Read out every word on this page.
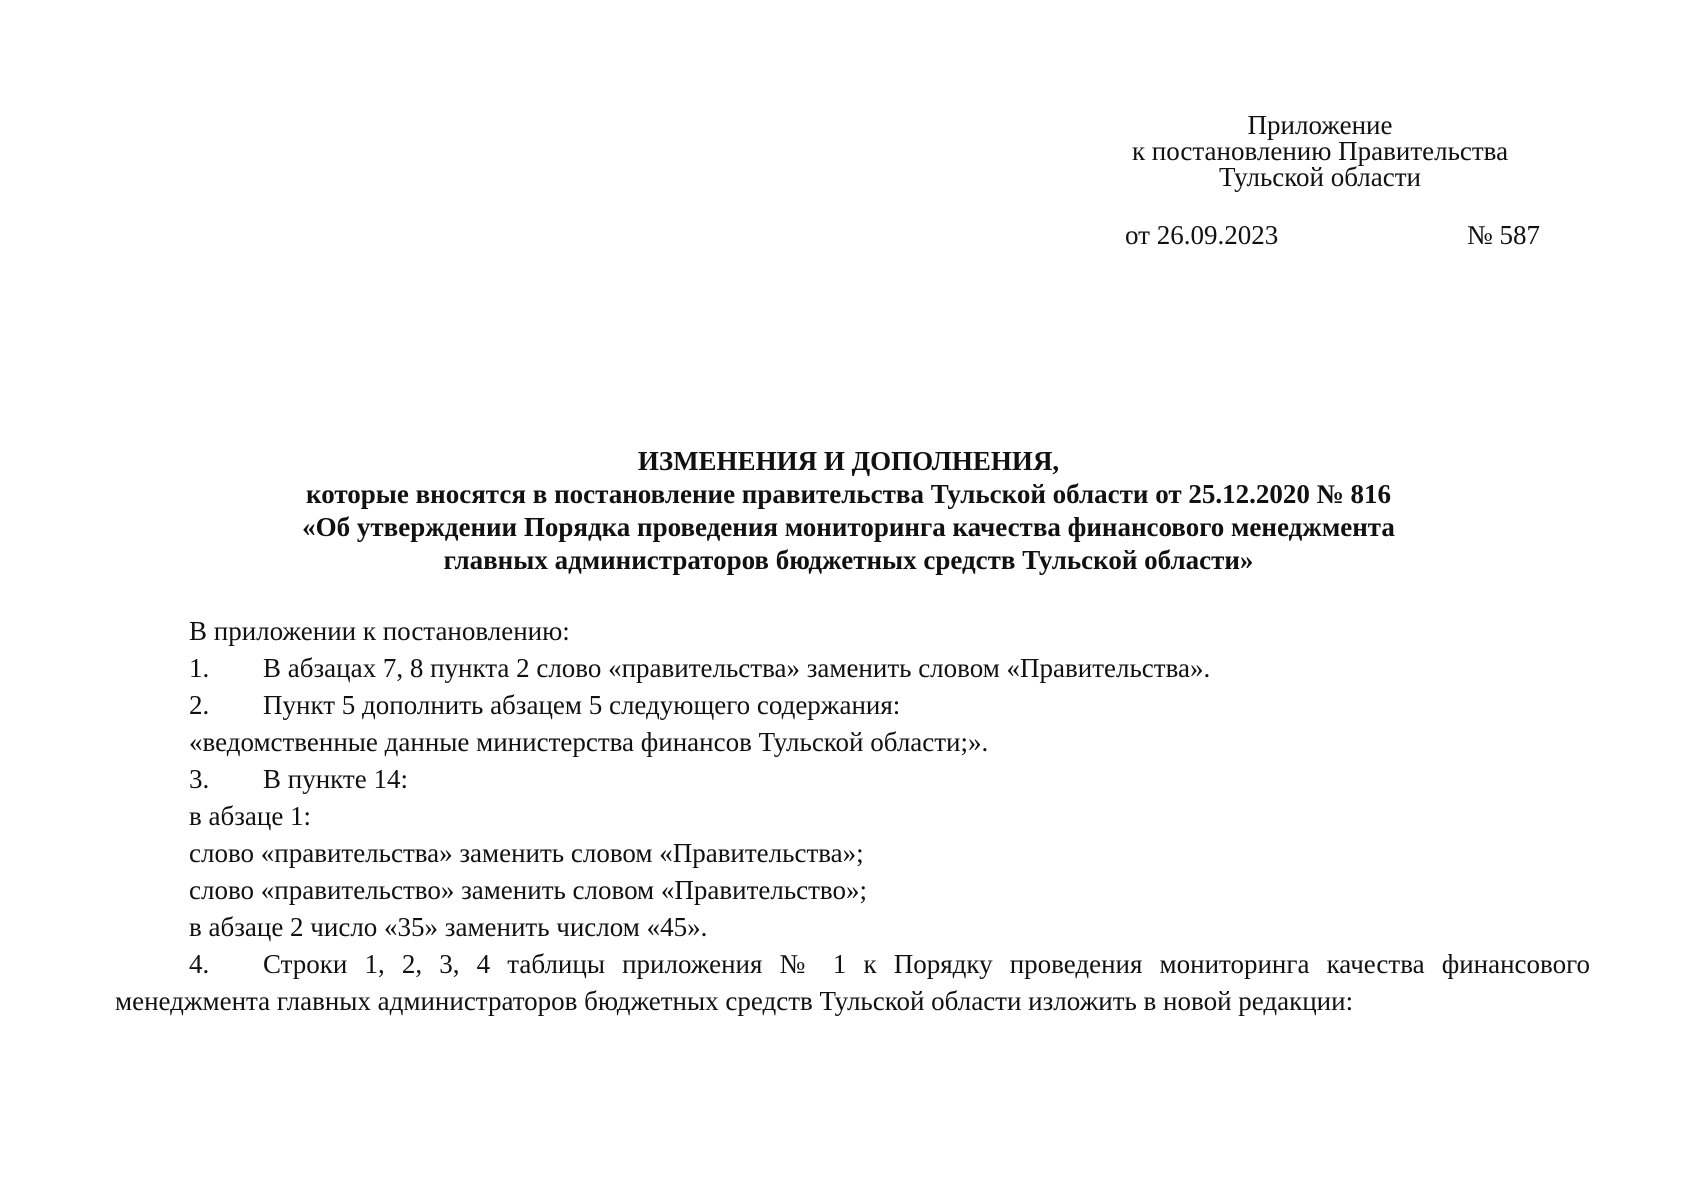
Приложение
к постановлению Правительства
Тульской области
от 26.09.2023	№ 587
ИЗМЕНЕНИЯ И ДОПОЛНЕНИЯ,
которые вносятся в постановление правительства Тульской области от 25.12.2020 № 816
«Об утверждении Порядка проведения мониторинга качества финансового менеджмента
главных администраторов бюджетных средств Тульской области»
В приложении к постановлению:
1. В абзацах 7, 8 пункта 2 слово «правительства» заменить словом «Правительства».
2. Пункт 5 дополнить абзацем 5 следующего содержания:
«ведомственные данные министерства финансов Тульской области;».
3. В пункте 14:
в абзаце 1:
слово «правительства» заменить словом «Правительства»;
слово «правительство» заменить словом «Правительство»;
в абзаце 2 число «35» заменить числом «45».
4. Строки 1, 2, 3, 4 таблицы приложения № 1 к Порядку проведения мониторинга качества финансового
менеджмента главных администраторов бюджетных средств Тульской области изложить в новой редакции:
